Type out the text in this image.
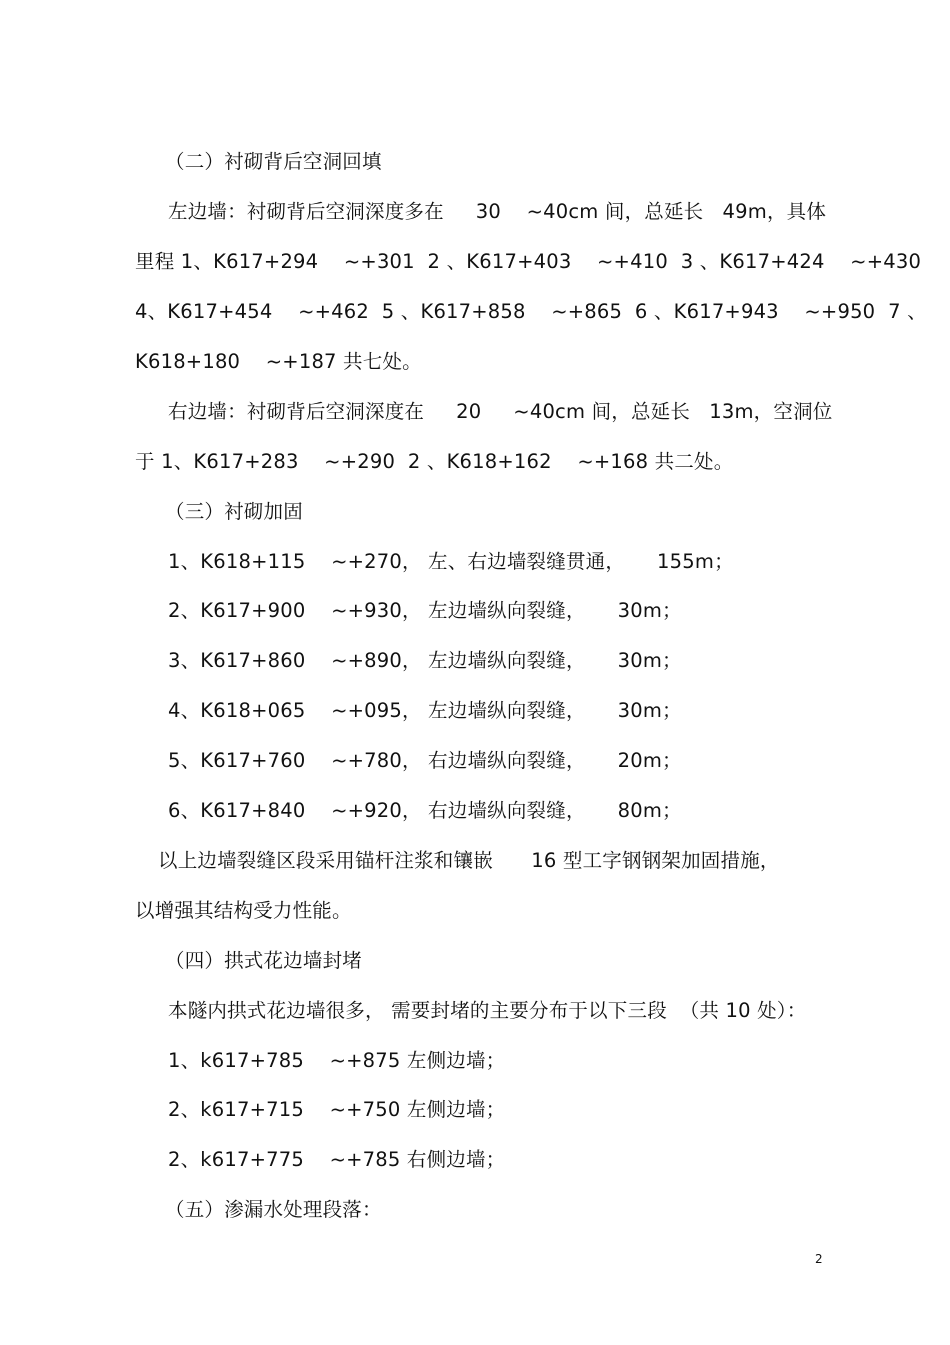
（二）衬砌背后空洞回填
左边墙：衬砌背后空洞深度多在     30    ~40cm 间，总延长   49m，具体
里程 1、K617+294    ~+301  2 、K617+403    ~+410  3 、K617+424    ~+430
4、K617+454    ~+462  5 、K617+858    ~+865  6 、K617+943    ~+950  7 、
K618+180    ~+187 共七处。
右边墙：衬砌背后空洞深度在     20     ~40cm 间，总延长   13m，空洞位
于 1、K617+283    ~+290  2 、K618+162    ~+168 共二处。
（三）衬砌加固
1、K618+115    ~+270， 左、右边墙裂缝贯通，     155m；
2、K617+900    ~+930， 左边墙纵向裂缝，     30m；
3、K617+860    ~+890， 左边墙纵向裂缝，     30m；
4、K618+065    ~+095， 左边墙纵向裂缝，     30m；
5、K617+760    ~+780， 右边墙纵向裂缝，     20m；
6、K617+840    ~+920， 右边墙纵向裂缝，     80m；
以上边墙裂缝区段采用锚杆注浆和镶嵌      16 型工字钢钢架加固措施，
以增强其结构受力性能。
（四）拱式花边墙封堵
本隧内拱式花边墙很多， 需要封堵的主要分布于以下三段  （共 10 处）：
1、k617+785    ~+875 左侧边墙；
2、k617+715    ~+750 左侧边墙；
2、k617+775    ~+785 右侧边墙；
（五）渗漏水处理段落：
2
